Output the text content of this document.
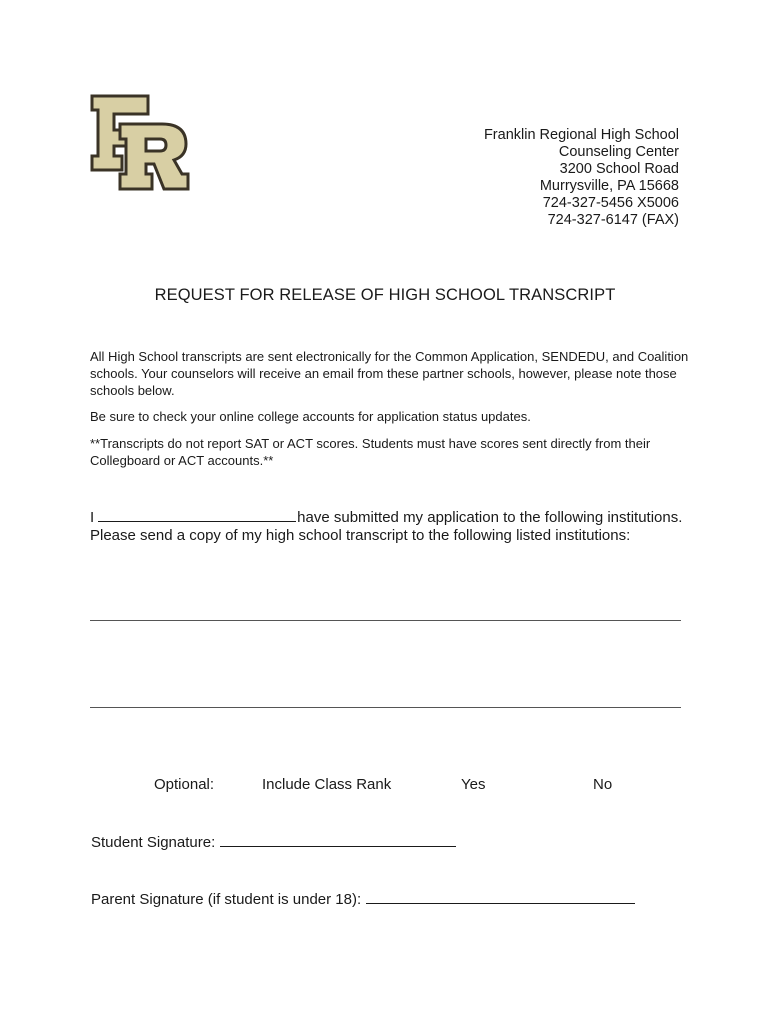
Franklin Regional High School
Counseling Center
3200 School Road
Murrysville, PA 15668
724-327-5456 X5006
724-327-6147 (FAX)
REQUEST FOR RELEASE OF HIGH SCHOOL TRANSCRIPT
All High School transcripts are sent electronically for the Common Application, SENDEDU, and Coalition schools. Your counselors will receive an email from these partner schools, however, please note those schools below.
Be sure to check your online college accounts for application status updates.
**Transcripts do not report SAT or ACT scores. Students must have scores sent directly from their Collegboard or ACT accounts.**
I	have submitted my application to the following institutions. Please send a copy of my high school transcript to the following listed institutions:
Optional:	Include Class Rank	Yes	No
Student Signature:
Parent Signature (if student is under 18):
